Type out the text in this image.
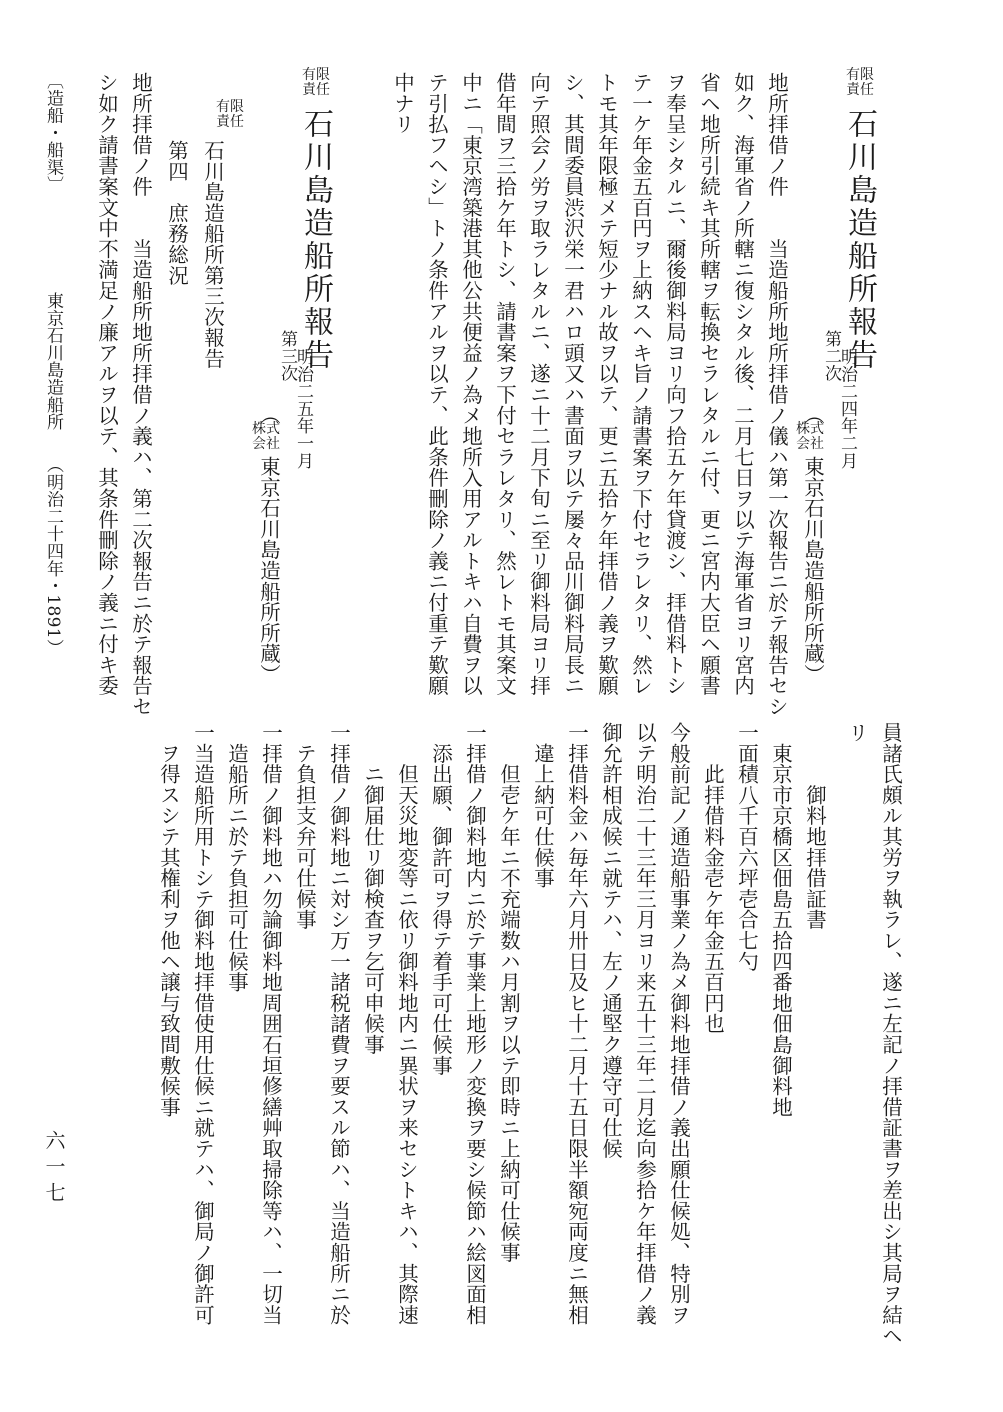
有限
責任
石川島造船所報告
第二次
明治二四年二月
（
株式
会社
東京石川島造船所所蔵）
地所拝借ノ件　　当造船所地所拝借ノ儀ハ第一次報告ニ於テ報告セシ
如ク、海軍省ノ所轄ニ復シタル後、二月七日ヲ以テ海軍省ヨリ宮内
省ヘ地所引続キ其所轄ヲ転換セラレタルニ付、更ニ宮内大臣ヘ願書
ヲ奉呈シタルニ、爾後御料局ヨリ向フ拾五ケ年貸渡シ、拝借料トシ
テ一ケ年金五百円ヲ上納スヘキ旨ノ請書案ヲ下付セラレタリ、然レ
トモ其年限極メテ短少ナル故ヲ以テ、更ニ五拾ケ年拝借ノ義ヲ歎願
シ、其間委員渋沢栄一君ハロ頭又ハ書面ヲ以テ屡々品川御料局長ニ
向テ照会ノ労ヲ取ラレタルニ、遂ニ十二月下旬ニ至リ御料局ヨリ拝
借年間ヲ三拾ケ年トシ、請書案ヲ下付セラレタリ、然レトモ其案文
中ニ「東京湾築港其他公共便益ノ為メ地所入用アルトキハ自費ヲ以
テ引払フヘシ」トノ条件アルヲ以テ、此条件刪除ノ義ニ付重テ歎願
中ナリ
有限
責任
石川島造船所報告
第三次
明治二五年一月
（
株式
会社
東京石川島造船所所蔵）
有限
責任
石川島造船所第三次報告
第四　庶務総況
地所拝借ノ件　　当造船所地所拝借ノ義ハ、第二次報告ニ於テ報告セ
シ如ク請書案文中不満足ノ廉アルヲ以テ、其条件刪除ノ義ニ付キ委
〔造船・船渠〕
東京石川島造船所
（明治二十四年・1891）
員諸氏頗ル其労ヲ執ラレ、遂ニ左記ノ拝借証書ヲ差出シ其局ヲ結ヘ
リ
　　　御料地拝借証書
　東京市京橋区佃島五拾四番地佃島御料地
一面積八千百六坪壱合七勺
　　此拝借料金壱ケ年金五百円也
今般前記ノ通造船事業ノ為メ御料地拝借ノ義出願仕候処、特別ヲ
以テ明治二十三年三月ヨリ来五十三年二月迄向参拾ケ年拝借ノ義
御允許相成候ニ就テハ、左ノ通堅ク遵守可仕候
一拝借料金ハ毎年六月卅日及ヒ十二月十五日限半額宛両度ニ無相
　違上納可仕候事
　　但壱ケ年ニ不充端数ハ月割ヲ以テ即時ニ上納可仕候事
一拝借ノ御料地内ニ於テ事業上地形ノ変換ヲ要シ候節ハ絵図面相
　添出願、御許可ヲ得テ着手可仕候事
　　但天災地変等ニ依リ御料地内ニ異状ヲ来セシトキハ、其際速
　　ニ御届仕リ御検査ヲ乞可申候事
一拝借ノ御料地ニ対シ万一諸税諸費ヲ要スル節ハ、当造船所ニ於
　テ負担支弁可仕候事
一拝借ノ御料地ハ勿論御料地周囲石垣修繕艸取掃除等ハ、一切当
　造船所ニ於テ負担可仕候事
一当造船所用トシテ御料地拝借使用仕候ニ就テハ、御局ノ御許可
　ヲ得スシテ其権利ヲ他ヘ譲与致間敷候事
六一七
